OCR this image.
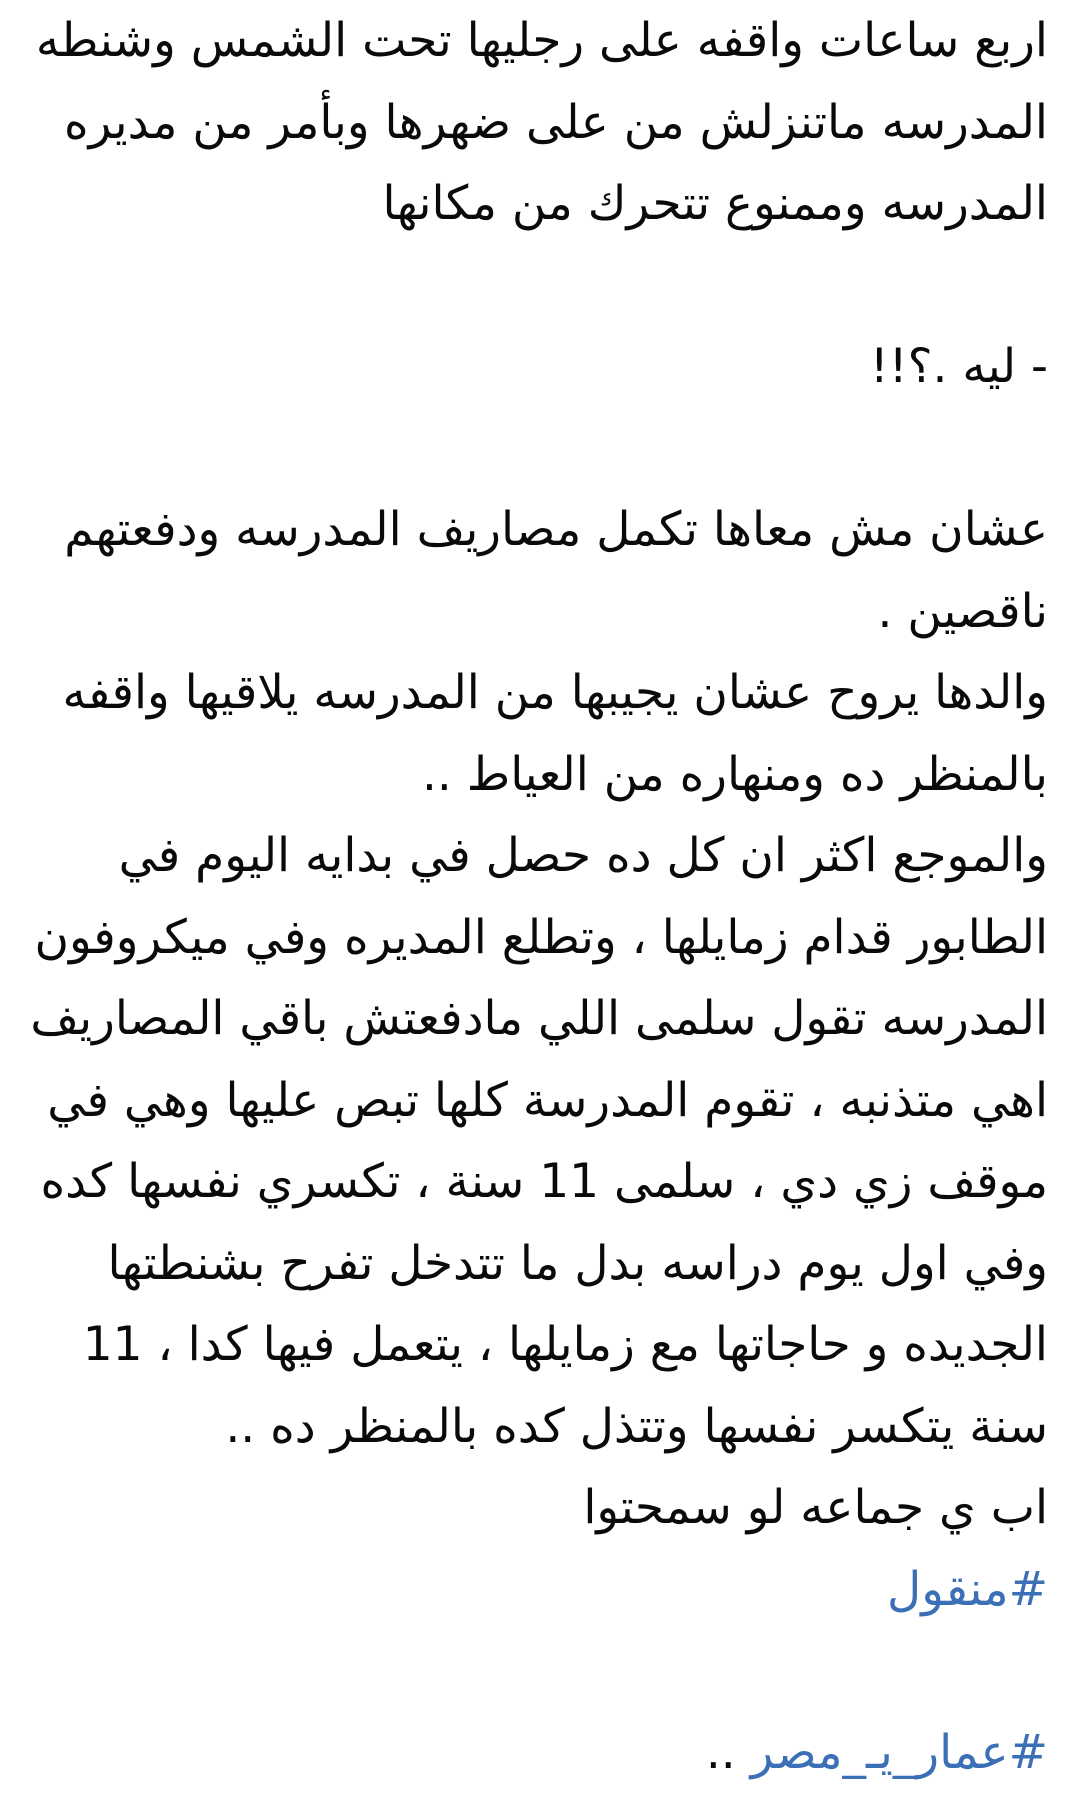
اربع ساعات واقفه على رجليها تحت الشمس وشنطه
المدرسه ماتنزلش من على ضهرها وبأمر من مديره
المدرسه وممنوع تتحرك من مكانها
- ليه .؟!!
عشان مش معاها تكمل مصاريف المدرسه ودفعتهم
ناقصين .
والدها يروح عشان يجيبها من المدرسه يلاقيها واقفه
بالمنظر ده ومنهاره من العياط ..
والموجع اكثر ان كل ده حصل في بدايه اليوم في
الطابور قدام زمايلها ، وتطلع المديره وفي ميكروفون
المدرسه تقول سلمى اللي مادفعتش باقي المصاريف
اهي متذنبه ، تقوم المدرسة كلها تبص عليها وهي في
موقف زي دي ، سلمى 11 سنة ، تكسري نفسها كده
وفي اول يوم دراسه بدل ما تتدخل تفرح بشنطتها
الجديده و حاجاتها مع زمايلها ، يتعمل فيها كدا ، 11
سنة يتكسر نفسها وتتذل كده بالمنظر ده ..
اب ي جماعه لو سمحتوا
#منقول
#عمار_يـ_مصر ..
